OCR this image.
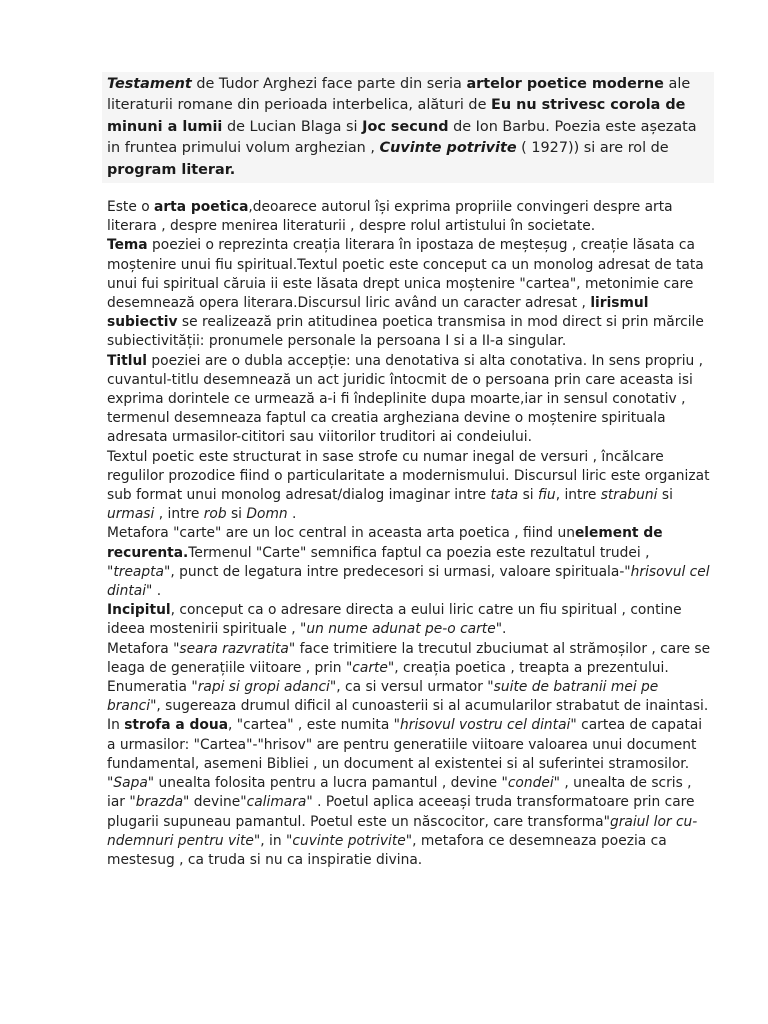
Testament de Tudor Arghezi face parte din seria artelor poetice moderne ale literaturii romane din perioada interbelica, alături de Eu nu strivesc corola de minuni a lumii de Lucian Blaga si Joc secund de Ion Barbu. Poezia este așezata in fruntea primului volum arghezian , Cuvinte potrivite ( 1927)) si are rol de program literar.

Este o arta poetica,deoarece autorul își exprima propriile convingeri despre arta literara , despre menirea literaturii , despre rolul artistului în societate.

Tema poeziei o reprezinta creația literara în ipostaza de meșteșug , creație lăsata ca moștenire unui fiu spiritual.Textul poetic este conceput ca un monolog adresat de tata unui fui spiritual căruia ii este lăsata drept unica moștenire "cartea", metonimie care desemnează opera literara.Discursul liric având un caracter adresat , lirismul subiectiv se realizează prin atitudinea poetica transmisa in mod direct si prin mărcile subiectivității: pronumele personale la persoana I si a II-a singular.

Titlul poeziei are o dubla accepție: una denotativa si alta conotativa. In sens propriu , cuvantul-titlu desemnează un act juridic întocmit de o persoana prin care aceasta isi exprima dorintele ce urmează a-i fi îndeplinite dupa moarte,iar in sensul conotativ , termenul desemneaza faptul ca creatia argheziana devine o moștenire spirituala adresata urmasilor-cititori sau viitorilor truditori ai condeiului.

Textul poetic este structurat in sase strofe cu numar inegal de versuri , încălcare regulilor prozodice fiind o particularitate a modernismului. Discursul liric este organizat sub format unui monolog adresat/dialog imaginar intre tata si fiu, intre strabuni si urmasi , intre rob si Domn .

Metafora "carte" are un loc central in aceasta arta poetica , fiind unelement de recurenta.Termenul "Carte" semnifica faptul ca poezia este rezultatul trudei , "treapta", punct de legatura intre predecesori si urmasi, valoare spirituala-"hrisovul cel dintai" .

Incipitul, conceput ca o adresare directa a eului liric catre un fiu spiritual , contine ideea mostenirii spirituale , "un nume adunat pe-o carte".

Metafora "seara razvratita" face trimitiere la trecutul zbuciumat al strămoșilor , care se leaga de generațiile viitoare , prin "carte", creația poetica , treapta a prezentului. Enumeratia "rapi si gropi adanci", ca si versul urmator "suite de batranii mei pe branci", sugereaza drumul dificil al cunoasterii si al acumularilor strabatut de inaintasi.

In strofa a doua, "cartea" , este numita "hrisovul vostru cel dintai" cartea de capatai a urmasilor: "Cartea"-"hrisov" are pentru generatiile viitoare valoarea unui document fundamental, asemeni Bibliei , un document al existentei si al suferintei stramosilor. "Sapa" unealta folosita pentru a lucra pamantul , devine "condei" , unealta de scris , iar "brazda" devine"calimara" . Poetul aplica aceeași truda transformatoare prin care plugarii supuneau pamantul. Poetul este un născocitor, care transforma"graiul lor cu-ndemnuri pentru vite", in "cuvinte potrivite", metafora ce desemneaza poezia ca mestesug , ca truda si nu ca inspiratie divina.
